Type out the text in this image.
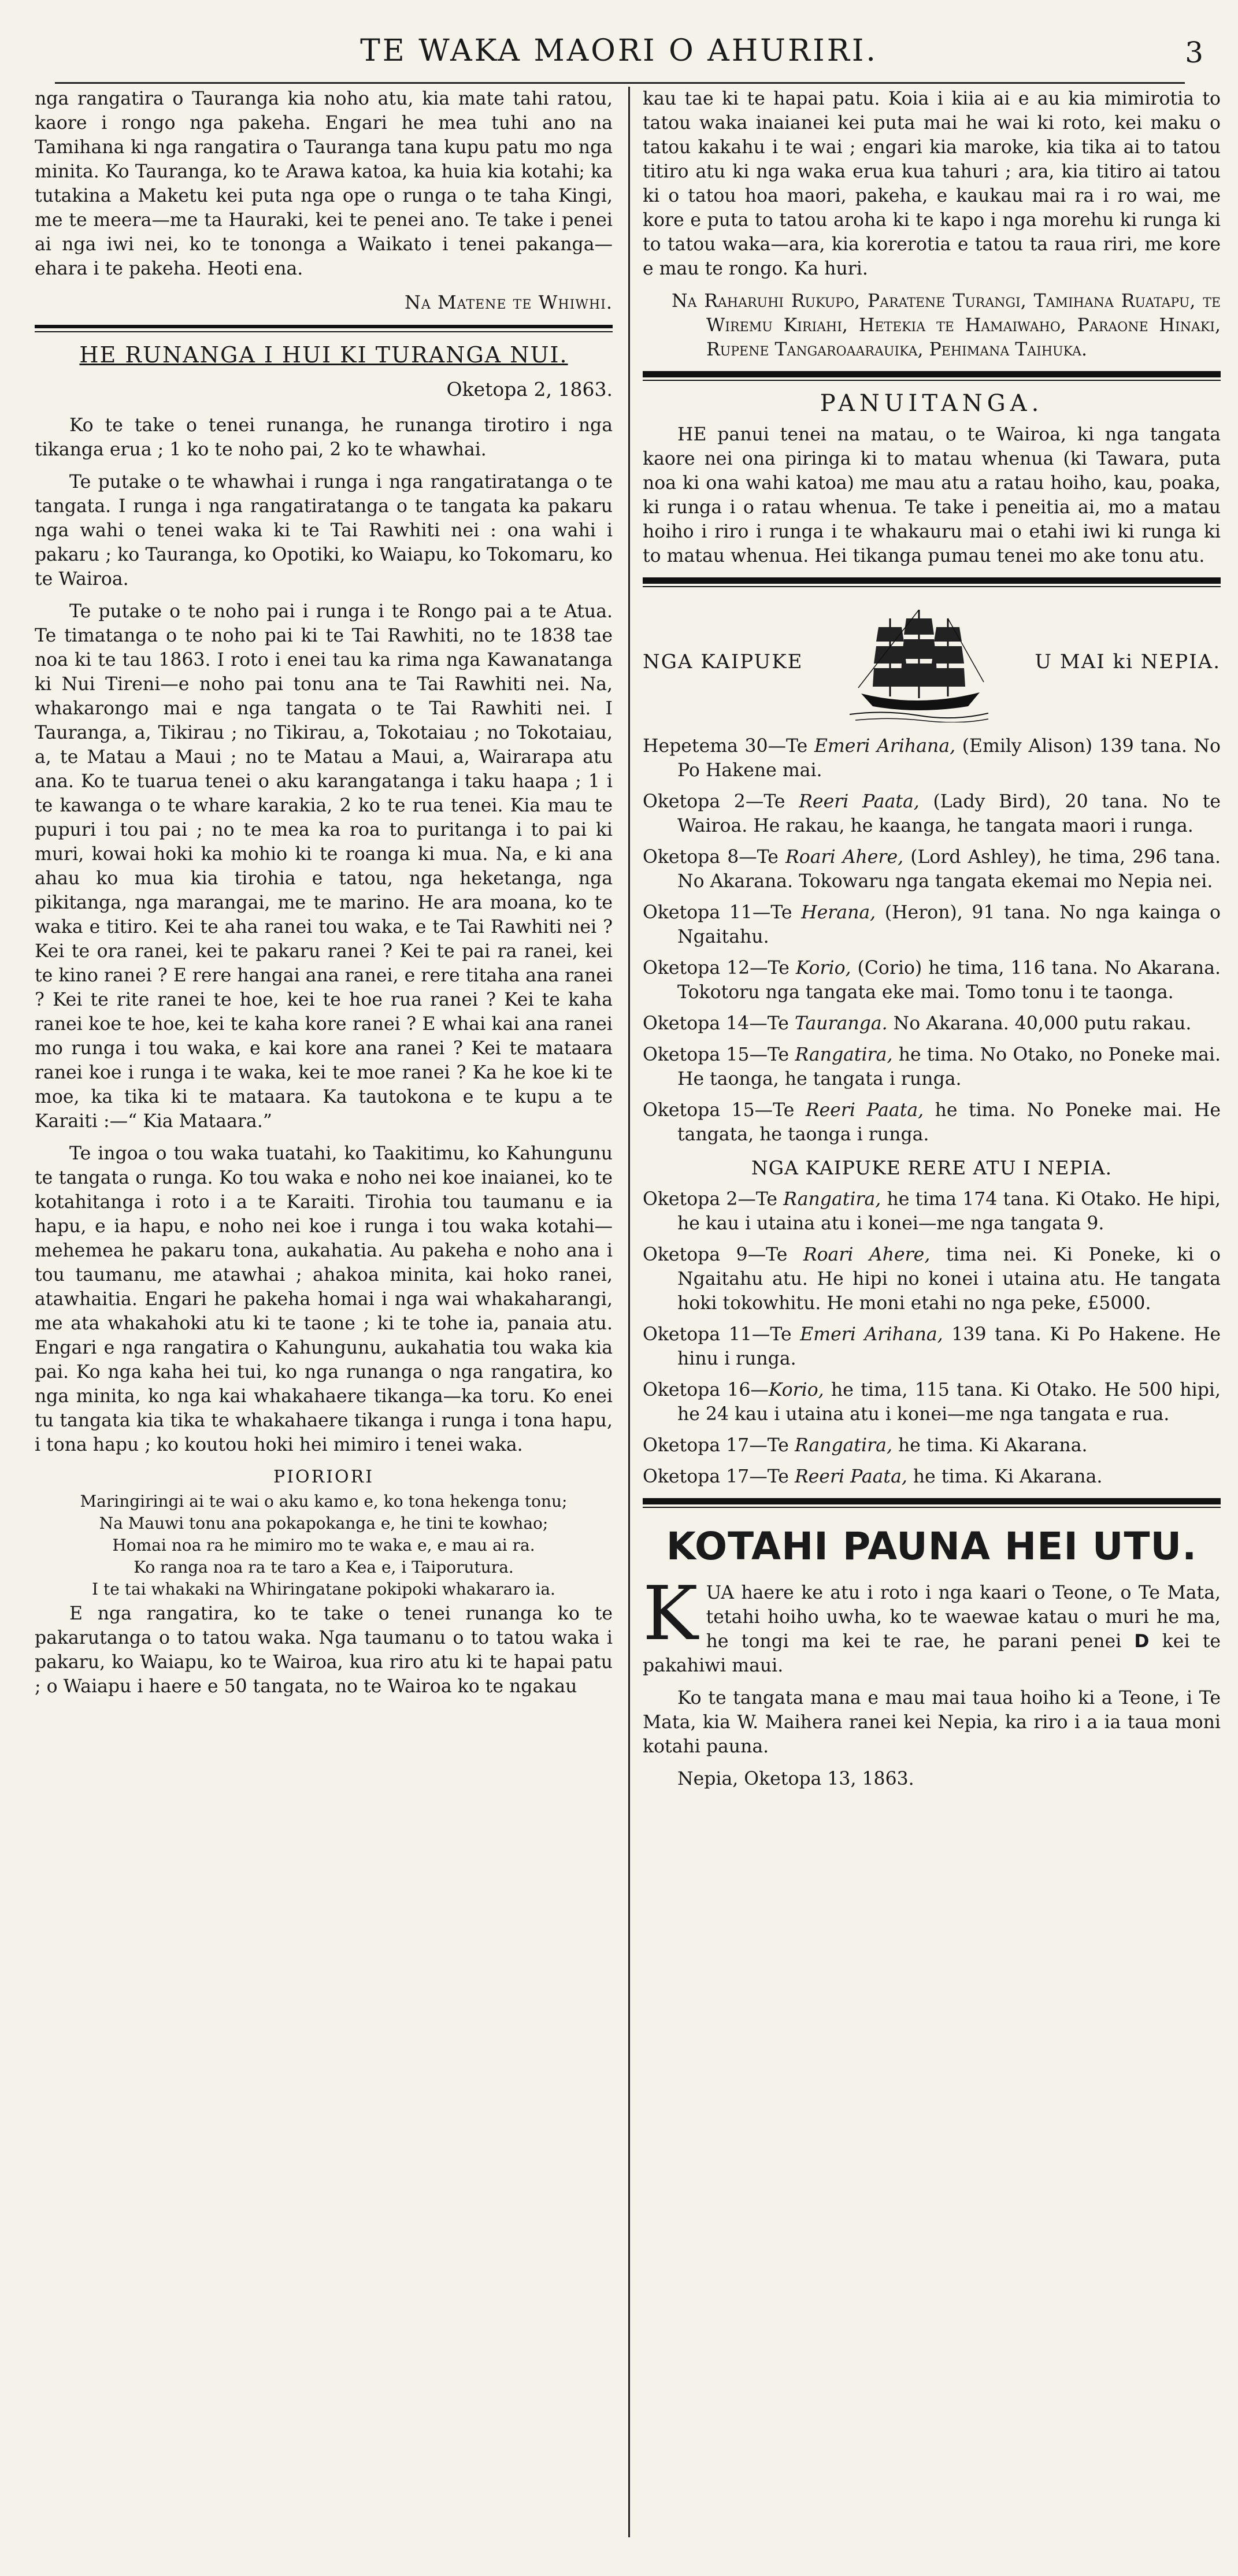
TE WAKA MAORI O AHURIRI.	3

nga rangatira o Tauranga kia noho atu, kia mate tahi ratou, kaore i rongo nga pakeha. Engari he mea tuhi ano na Tamihana ki nga rangatira o Tauranga tana kupu patu mo nga minita. Ko Tauranga, ko te Arawa katoa, ka huia kia kotahi; ka tutakina a Maketu kei puta nga ope o runga o te taha Kingi, me te meera—me ta Hauraki, kei te penei ano. Te take i penei ai nga iwi nei, ko te tononga a Waikato i tenei pakanga—ehara i te pakeha. Heoti ena.

Na Matene te Whiwhi.
HE RUNANGA I HUI KI TURANGA NUI.
Oketopa 2, 1863.

Ko te take o tenei runanga, he runanga tirotiro i nga tikanga erua ; 1 ko te noho pai, 2 ko te whawhai.

Te putake o te whawhai i runga i nga rangatiratanga o te tangata. I runga i nga rangatiratanga o te tangata ka pakaru nga wahi o tenei waka ki te Tai Rawhiti nei : ona wahi i pakaru ; ko Tauranga, ko Opotiki, ko Waiapu, ko Tokomaru, ko te Wairoa.

Te putake o te noho pai i runga i te Rongo pai a te Atua. Te timatanga o te noho pai ki te Tai Rawhiti, no te 1838 tae noa ki te tau 1863. I roto i enei tau ka rima nga Kawanatanga ki Nui Tireni—e noho pai tonu ana te Tai Rawhiti nei. Na, whakarongo mai e nga tangata o te Tai Rawhiti nei. I Tauranga, a, Tikirau ; no Tikirau, a, Tokotaiau ; no Tokotaiau, a, te Matau a Maui ; no te Matau a Maui, a, Wairarapa atu ana. Ko te tuarua tenei o aku karangatanga i taku haapa ; 1 i te kawanga o te whare karakia, 2 ko te rua tenei. Kia mau te pupuri i tou pai ; no te mea ka roa to puritanga i to pai ki muri, kowai hoki ka mohio ki te roanga ki mua. Na, e ki ana ahau ko mua kia tirohia e tatou, nga heketanga, nga pikitanga, nga marangai, me te marino. He ara moana, ko te waka e titiro. Kei te aha ranei tou waka, e te Tai Rawhiti nei ? Kei te ora ranei, kei te pakaru ranei ? Kei te pai ra ranei, kei te kino ranei ? E rere hangai ana ranei, e rere titaha ana ranei ? Kei te rite ranei te hoe, kei te hoe rua ranei ? Kei te kaha ranei koe te hoe, kei te kaha kore ranei ? E whai kai ana ranei mo runga i tou waka, e kai kore ana ranei ? Kei te mataara ranei koe i runga i te waka, kei te moe ranei ? Ka he koe ki te moe, ka tika ki te mataara. Ka tautokona e te kupu a te Karaiti :—“ Kia Mataara.”

Te ingoa o tou waka tuatahi, ko Taakitimu, ko Kahungunu te tangata o runga. Ko tou waka e noho nei koe inaianei, ko te kotahitanga i roto i a te Karaiti. Tirohia tou taumanu e ia hapu, e ia hapu, e noho nei koe i runga i tou waka kotahi—mehemea he pakaru tona, aukahatia. Au pakeha e noho ana i tou taumanu, me atawhai ; ahakoa minita, kai hoko ranei, atawhaitia. Engari he pakeha homai i nga wai whakaharangi, me ata whakahoki atu ki te taone ; ki te tohe ia, panaia atu. Engari e nga rangatira o Kahungunu, aukahatia tou waka kia pai. Ko nga kaha hei tui, ko nga runanga o nga rangatira, ko nga minita, ko nga kai whakahaere tikanga—ka toru. Ko enei tu tangata kia tika te whakahaere tikanga i runga i tona hapu, i tona hapu ; ko koutou hoki hei mimiro i tenei waka.

PIORIORI

Maringiringi ai te wai o aku kamo e, ko tona hekenga tonu;

Na Mauwi tonu ana pokapokanga e, he tini te kowhao;

Homai noa ra he mimiro mo te waka e, e mau ai ra.

Ko ranga noa ra te taro a Kea e, i Taiporutura.

I te tai whakaki na Whiringatane pokipoki whakararo ia.

E nga rangatira, ko te take o tenei runanga ko te pakarutanga o to tatou waka. Nga taumanu o to tatou waka i pakaru, ko Waiapu, ko te Wairoa, kua riro atu ki te hapai patu ; o Waiapu i haere e 50 tangata, no te Wairoa ko te ngakau

kau tae ki te hapai patu. Koia i kiia ai e au kia mimirotia to tatou waka inaianei kei puta mai he wai ki roto, kei maku o tatou kakahu i te wai ; engari kia maroke, kia tika ai to tatou titiro atu ki nga waka erua kua tahuri ; ara, kia titiro ai tatou ki o tatou hoa maori, pakeha, e kaukau mai ra i ro wai, me kore e puta to tatou aroha ki te kapo i nga morehu ki runga ki to tatou waka—ara, kia korerotia e tatou ta raua riri, me kore e mau te rongo. Ka huri.

Na Raharuhi Rukupo, Paratene Turangi, Tamihana Ruatapu, te Wiremu Kiriahi, Hetekia te Hamaiwaho, Paraone Hinaki, Rupene Tangaroaarauika, Pehimana Taihuka.

PANUITANGA.

HE panui tenei na matau, o te Wairoa, ki nga tangata kaore nei ona piringa ki to matau whenua (ki Tawara, puta noa ki ona wahi katoa) me mau atu a ratau hoiho, kau, poaka, ki runga i o ratau whenua. Te take i peneitia ai, mo a matau hoiho i riro i runga i te whakauru mai o etahi iwi ki runga ki to matau whenua. Hei tikanga pumau tenei mo ake tonu atu.

NGA KAIPUKE	U MAI ki NEPIA.

Hepetema 30—Te Emeri Arihana, (Emily Alison) 139 tana. No Po Hakene mai.

Oketopa 2—Te Reeri Paata, (Lady Bird), 20 tana. No te Wairoa. He rakau, he kaanga, he tangata maori i runga.

Oketopa 8—Te Roari Ahere, (Lord Ashley), he tima, 296 tana. No Akarana. Tokowaru nga tangata ekemai mo Nepia nei.

Oketopa 11—Te Herana, (Heron), 91 tana. No nga kainga o Ngaitahu.

Oketopa 12—Te Korio, (Corio) he tima, 116 tana. No Akarana. Tokotoru nga tangata eke mai. Tomo tonu i te taonga.

Oketopa 14—Te Tauranga. No Akarana. 40,000 putu rakau.

Oketopa 15—Te Rangatira, he tima. No Otako, no Poneke mai. He taonga, he tangata i runga.

Oketopa 15—Te Reeri Paata, he tima. No Poneke mai. He tangata, he taonga i runga.

NGA KAIPUKE RERE ATU I NEPIA.

Oketopa 2—Te Rangatira, he tima 174 tana. Ki Otako. He hipi, he kau i utaina atu i konei—me nga tangata 9.

Oketopa 9—Te Roari Ahere, tima nei. Ki Poneke, ki o Ngaitahu atu. He hipi no konei i utaina atu. He tangata hoki tokowhitu. He moni etahi no nga peke, £5000.

Oketopa 11—Te Emeri Arihana, 139 tana. Ki Po Hakene. He hinu i runga.

Oketopa 16—Korio, he tima, 115 tana. Ki Otako. He 500 hipi, he 24 kau i utaina atu i konei—me nga tangata e rua.

Oketopa 17—Te Rangatira, he tima. Ki Akarana.

Oketopa 17—Te Reeri Paata, he tima. Ki Akarana.

KOTAHI PAUNA HEI UTU.

KUA haere ke atu i roto i nga kaari o Teone, o Te Mata, tetahi hoiho uwha, ko te waewae katau o muri he ma, he tongi ma kei te rae, he parani penei D kei te pakahiwi maui.

Ko te tangata mana e mau mai taua hoiho ki a Teone, i Te Mata, kia W. Maihera ranei kei Nepia, ka riro i a ia taua moni kotahi pauna.

Nepia, Oketopa 13, 1863.
